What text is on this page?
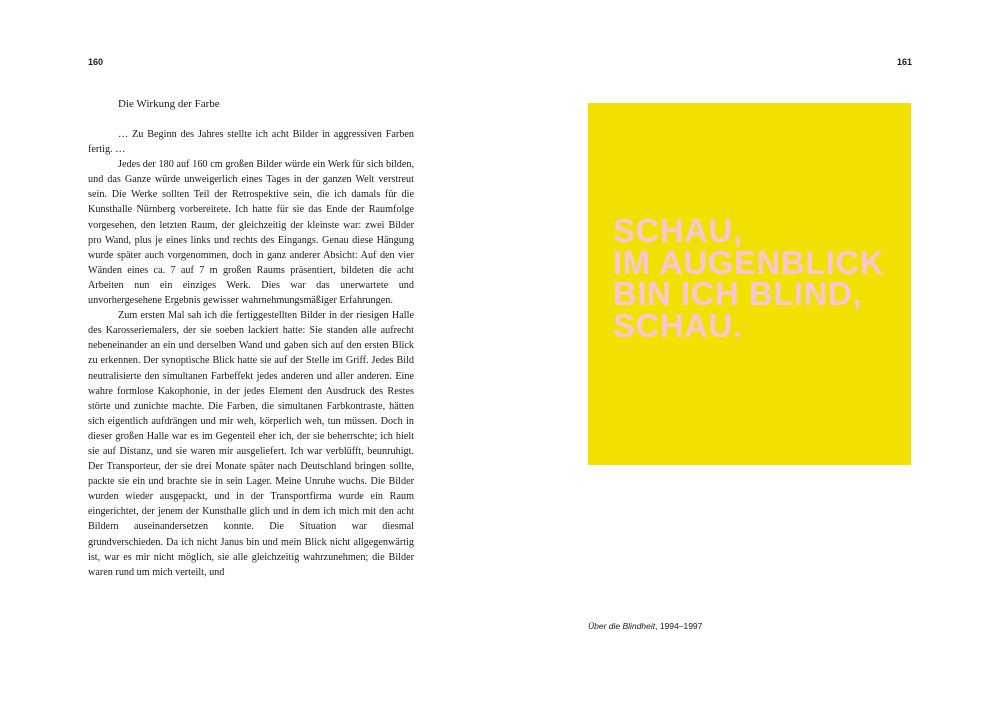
160	161
Die Wirkung der Farbe

… Zu Beginn des Jahres stellte ich acht Bilder in aggressiven Farben fertig. …

Jedes der 180 auf 160 cm großen Bilder würde ein Werk für sich bilden, und das Ganze würde unweigerlich eines Tages in der ganzen Welt verstreut sein. Die Werke sollten Teil der Retrospektive sein, die ich damals für die Kunsthalle Nürnberg vorbereitete. Ich hatte für sie das Ende der Raumfolge vorgesehen, den letzten Raum, der gleichzeitig der kleinste war: zwei Bilder pro Wand, plus je eines links und rechts des Eingangs. Genau diese Hängung wurde später auch vorgenommen, doch in ganz anderer Absicht: Auf den vier Wänden eines ca. 7 auf 7 m großen Raums präsentiert, bildeten die acht Arbeiten nun ein einziges Werk. Dies war das unerwartete und unvorhergesehene Ergebnis gewisser wahrnehmungsmäßiger Erfahrungen.

Zum ersten Mal sah ich die fertiggestellten Bilder in der riesigen Halle des Karosseriemalers, der sie soeben lackiert hatte: Sie standen alle aufrecht nebeneinander an ein und derselben Wand und gaben sich auf den ersten Blick zu erkennen. Der synoptische Blick hatte sie auf der Stelle im Griff. Jedes Bild neutralisierte den simultanen Farbeffekt jedes anderen und aller anderen. Eine wahre formlose Kakophonie, in der jedes Element den Ausdruck des Restes störte und zunichte machte. Die Farben, die simultanen Farbkontraste, hätten sich eigentlich aufdrängen und mir weh, körperlich weh, tun müssen. Doch in dieser großen Halle war es im Gegenteil eher ich, der sie beherrschte; ich hielt sie auf Distanz, und sie waren mir ausgeliefert. Ich war verblüfft, beunruhigt. Der Transporteur, der sie drei Monate später nach Deutschland bringen sollte, packte sie ein und brachte sie in sein Lager. Meine Unruhe wuchs. Die Bilder wurden wieder ausgepackt, und in der Transportfirma wurde ein Raum eingerichtet, der jenem der Kunsthalle glich und in dem ich mich mit den acht Bildern auseinandersetzen konnte. Die Situation war diesmal grundverschieden. Da ich nicht Janus bin und mein Blick nicht allgegenwärtig ist, war es mir nicht möglich, sie alle gleichzeitig wahrzunehmen; die Bilder waren rund um mich verteilt, und

SCHAU,
IM AUGENBLICK
BIN ICH BLIND,
SCHAU.
Über die Blindheit, 1994–1997
